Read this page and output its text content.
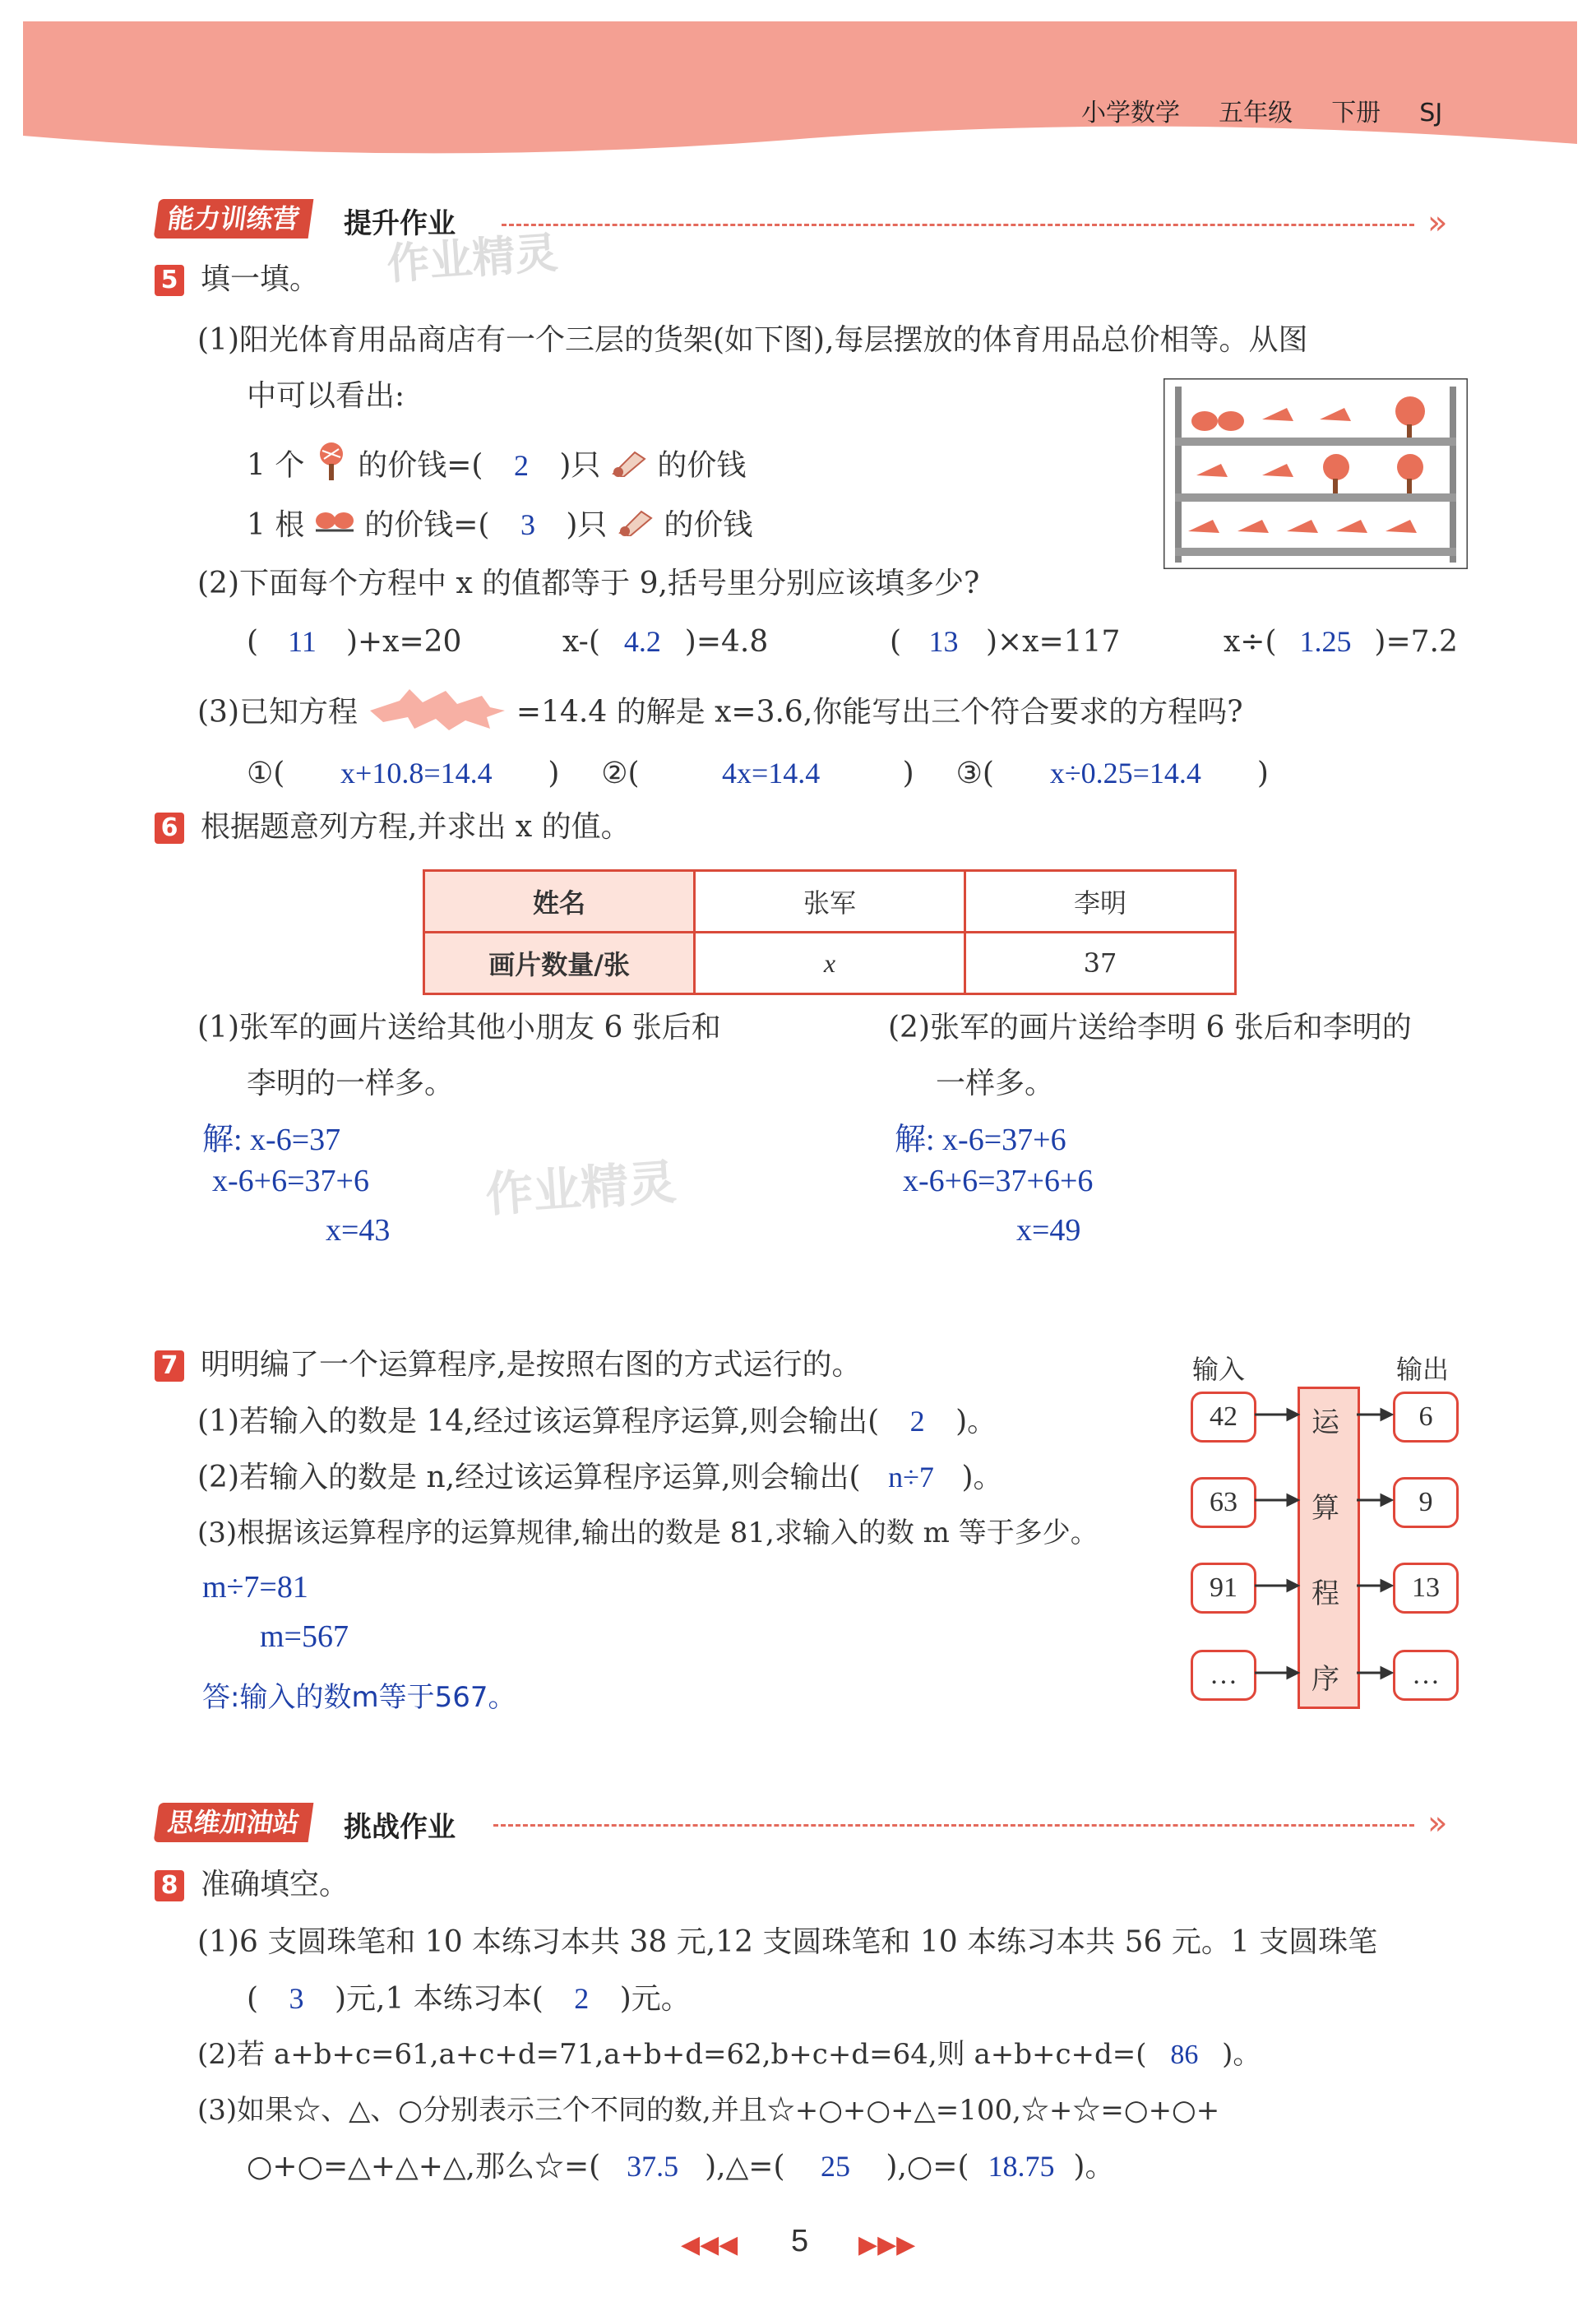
小学数学 五年级 下册 SJ
能力训练营	提升作业
作业精灵
»
5 填一填。
(1)阳光体育用品商店有一个三层的货架(如下图),每层摆放的体育用品总价相等。从图
中可以看出:
1 个 的价钱=( 2 )只 的价钱
1 根 的价钱=( 3 )只 的价钱
(2)下面每个方程中 x 的值都等于 9,括号里分别应该填多少?
( 11 )+x=20	x-( 4.2 )=4.8	( 13 )×x=117	x÷( 1.25 )=7.2
(3)已知方程	=14.4 的解是 x=3.6,你能写出三个符合要求的方程吗?
①( x+10.8=14.4 ) ②(	4x=14.4	) ③( x÷0.25=14.4 )
6 根据题意列方程,并求出 x 的值。
姓名	张军	李明
画片数量/张	x	37
(1)张军的画片送给其他小朋友 6 张后和
李明的一样多。
解: x-6=37
x-6+6=37+6
x=43
作业精灵
(2)张军的画片送给李明 6 张后和李明的
一样多。
解: x-6=37+6
x-6+6=37+6+6
x=49
7 明明编了一个运算程序,是按照右图的方式运行的。
(1)若输入的数是 14,经过该运算程序运算,则会输出( 2 )。
(2)若输入的数是 n,经过该运算程序运算,则会输出( n÷7 )。
(3)根据该运算程序的运算规律,输出的数是 81,求输入的数 m 等于多少。
m÷7=81
m=567
答:输入的数m等于567。
输入	输出
运
算
程
序
42
63
91
…
6
9
13
…
思维加油站	挑战作业	»
8 准确填空。
(1)6 支圆珠笔和 10 本练习本共 38 元,12 支圆珠笔和 10 本练习本共 56 元。1 支圆珠笔
( 3 )元,1 本练习本( 2 )元。
(2)若 a+b+c=61,a+c+d=71,a+b+d=62,b+c+d=64,则 a+b+c+d=( 86 )。
(3)如果☆、△、○分别表示三个不同的数,并且☆+○+○+△=100,☆+☆=○+○+
○+○=△+△+△,那么☆=( 37.5 ),△=( 25 ),○=( 18.75 )。
◀◀◀ 5 ▶▶▶
